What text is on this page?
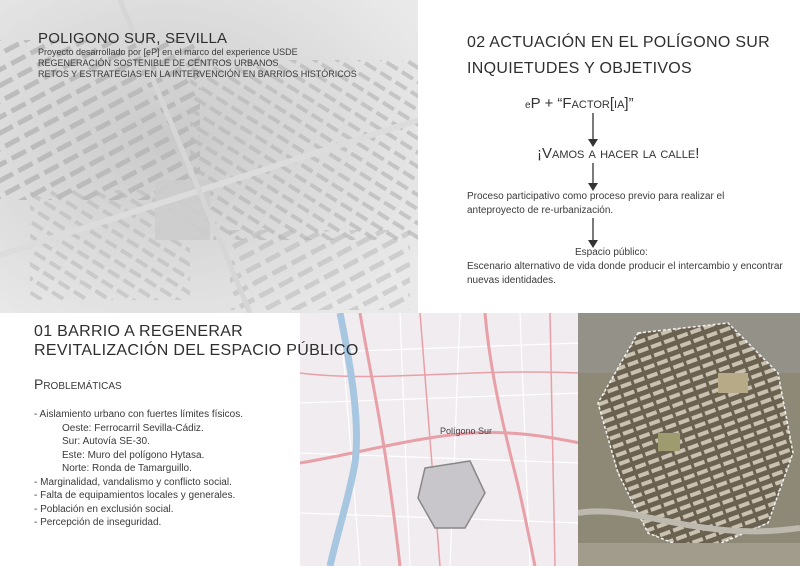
POLIGONO SUR, SEVILLA
Proyecto desarrollado por [eP] en el marco del experience USDE
REGENERACIÓN SOSTENIBLE DE CENTROS URBANOS
RETOS Y ESTRATEGIAS EN LA INTERVENCIÓN EN BARRIOS HISTÓRICOS
02 ACTUACIÓN EN EL POLÍGONO SUR
INQUIETUDES Y OBJETIVOS
eP + “Factor[ia]”
¡Vamos a hacer la calle!
Proceso participativo como proceso previo para realizar el anteproyecto de re-urbanización.
Espacio público:
Escenario alternativo de vida donde producir el intercambio y encontrar nuevas identidades.
Polígono Sur
01 BARRIO A REGENERAR
REVITALIZACIÓN DEL ESPACIO PÚBLICO
Problemáticas
- Aislamiento urbano con fuertes límites físicos.
Oeste: Ferrocarril Sevilla-Cádiz.
Sur: Autovía SE-30.
Este: Muro del polígono Hytasa.
Norte: Ronda de Tamarguillo.
- Marginalidad, vandalismo y conflicto social.
- Falta de equipamientos locales y generales.
- Población en exclusión social.
- Percepción de inseguridad.
